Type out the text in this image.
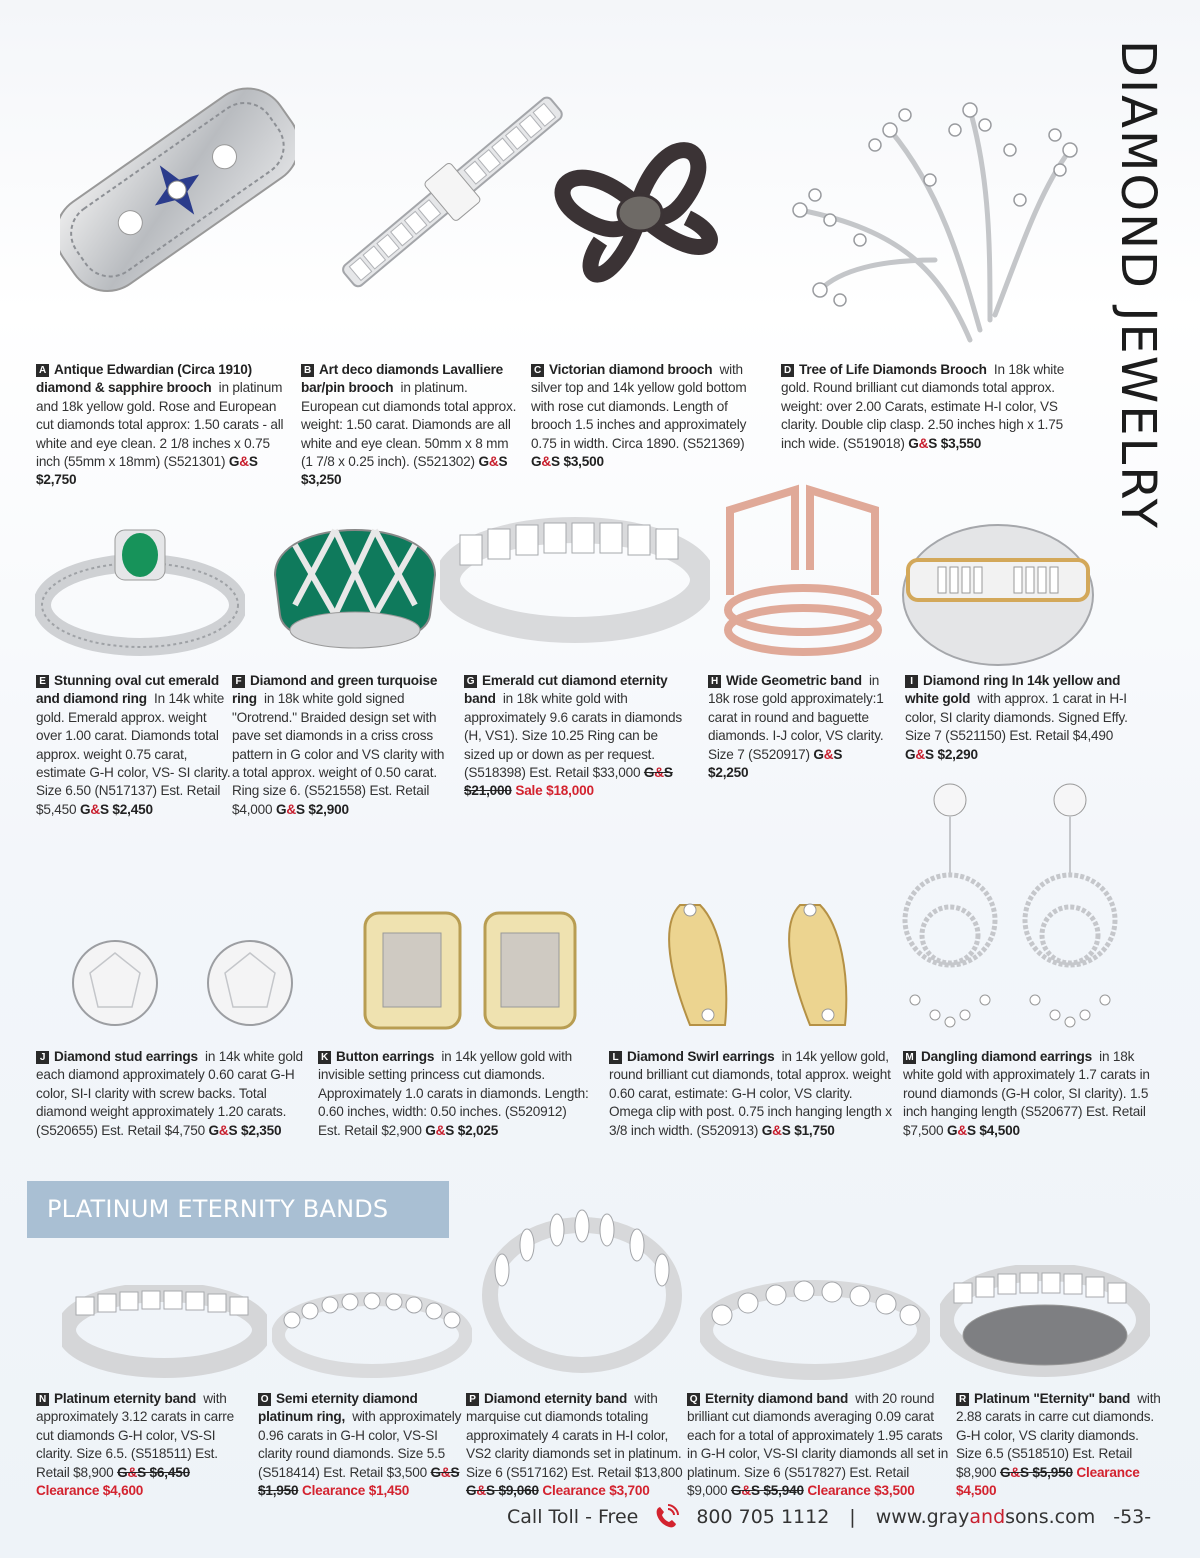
DIAMOND JEWELRY
A Antique Edwardian (Circa 1910) diamond & sapphire brooch in platinum and 18k yellow gold. Rose and European cut diamonds total approx: 1.50 carats - all white and eye clean. 2 1/8 inches x 0.75 inch (55mm x 18mm) (S521301) G&S $2,750
B Art deco diamonds Lavalliere bar/pin brooch in platinum. European cut diamonds total approx. weight: 1.50 carat. Diamonds are all white and eye clean. 50mm x 8 mm (1 7/8 x 0.25 inch). (S521302) G&S $3,250
C Victorian diamond brooch with silver top and 14k yellow gold bottom with rose cut diamonds. Length of brooch 1.5 inches and approximately 0.75 in width. Circa 1890. (S521369) G&S $3,500
D Tree of Life Diamonds Brooch In 18k white gold. Round brilliant cut diamonds total approx. weight: over 2.00 Carats, estimate H-I color, VS clarity. Double clip clasp. 2.50 inches high x 1.75 inch wide. (S519018) G&S $3,550
E Stunning oval cut emerald and diamond ring In 14k white gold. Emerald approx. weight over 1.00 carat. Diamonds total approx. weight 0.75 carat, estimate G-H color, VS- SI clarity. Size 6.50 (N517137) Est. Retail $5,450 G&S $2,450
F Diamond and green turquoise ring in 18k white gold signed "Orotrend." Braided design set with pave set diamonds in a criss cross pattern in G color and VS clarity with a total approx. weight of 0.50 carat. Ring size 6. (S521558) Est. Retail $4,000 G&S $2,900
G Emerald cut diamond eternity band in 18k white gold with approximately 9.6 carats in diamonds (H, VS1). Size 10.25 Ring can be sized up or down as per request. (S518398) Est. Retail $33,000 G&S $21,000 Sale $18,000
H Wide Geometric band in 18k rose gold approximately:1 carat in round and baguette diamonds. I-J color, VS clarity. Size 7 (S520917) G&S $2,250
I Diamond ring In 14k yellow and white gold with approx. 1 carat in H-I color, SI clarity diamonds. Signed Effy. Size 7 (S521150) Est. Retail $4,490 G&S $2,290
J Diamond stud earrings in 14k white gold each diamond approximately 0.60 carat G-H color, SI-I clarity with screw backs. Total diamond weight approximately 1.20 carats. (S520655) Est. Retail $4,750 G&S $2,350
K Button earrings in 14k yellow gold with invisible setting princess cut diamonds. Approximately 1.0 carats in diamonds. Length: 0.60 inches, width: 0.50 inches. (S520912) Est. Retail $2,900 G&S $2,025
L Diamond Swirl earrings in 14k yellow gold, round brilliant cut diamonds, total approx. weight 0.60 carat, estimate: G-H color, VS clarity. Omega clip with post. 0.75 inch hanging length x 3/8 inch width. (S520913) G&S $1,750
M Dangling diamond earrings in 18k white gold with approximately 1.7 carats in round diamonds (G-H color, SI clarity). 1.5 inch hanging length (S520677) Est. Retail $7,500 G&S $4,500
PLATINUM ETERNITY BANDS
N Platinum eternity band with approximately 3.12 carats in carre cut diamonds G-H color, VS-SI clarity. Size 6.5. (S518511) Est. Retail $8,900 G&S $6,450 Clearance $4,600
O Semi eternity diamond platinum ring, with approximately 0.96 carats in G-H color, VS-SI clarity round diamonds. Size 5.5 (S518414) Est. Retail $3,500 G&S $1,950 Clearance $1,450
P Diamond eternity band with marquise cut diamonds totaling approximately 4 carats in H-I color, VS2 clarity diamonds set in platinum. Size 6 (S517162) Est. Retail $13,800 G&S $9,060 Clearance $3,700
Q Eternity diamond band with 20 round brilliant cut diamonds averaging 0.09 carat each for a total of approximately 1.95 carats in G-H color, VS-SI clarity diamonds all set in platinum. Size 6 (S517827) Est. Retail $9,000 G&S $5,940 Clearance $3,500
R Platinum "Eternity" band with 2.88 carats in carre cut diamonds. G-H color, VS clarity diamonds. Size 6.5 (S518510) Est. Retail $8,900 G&S $5,950 Clearance $4,500
Call Toll - Free	800 705 1112 | www.grayandsons.com -53-
